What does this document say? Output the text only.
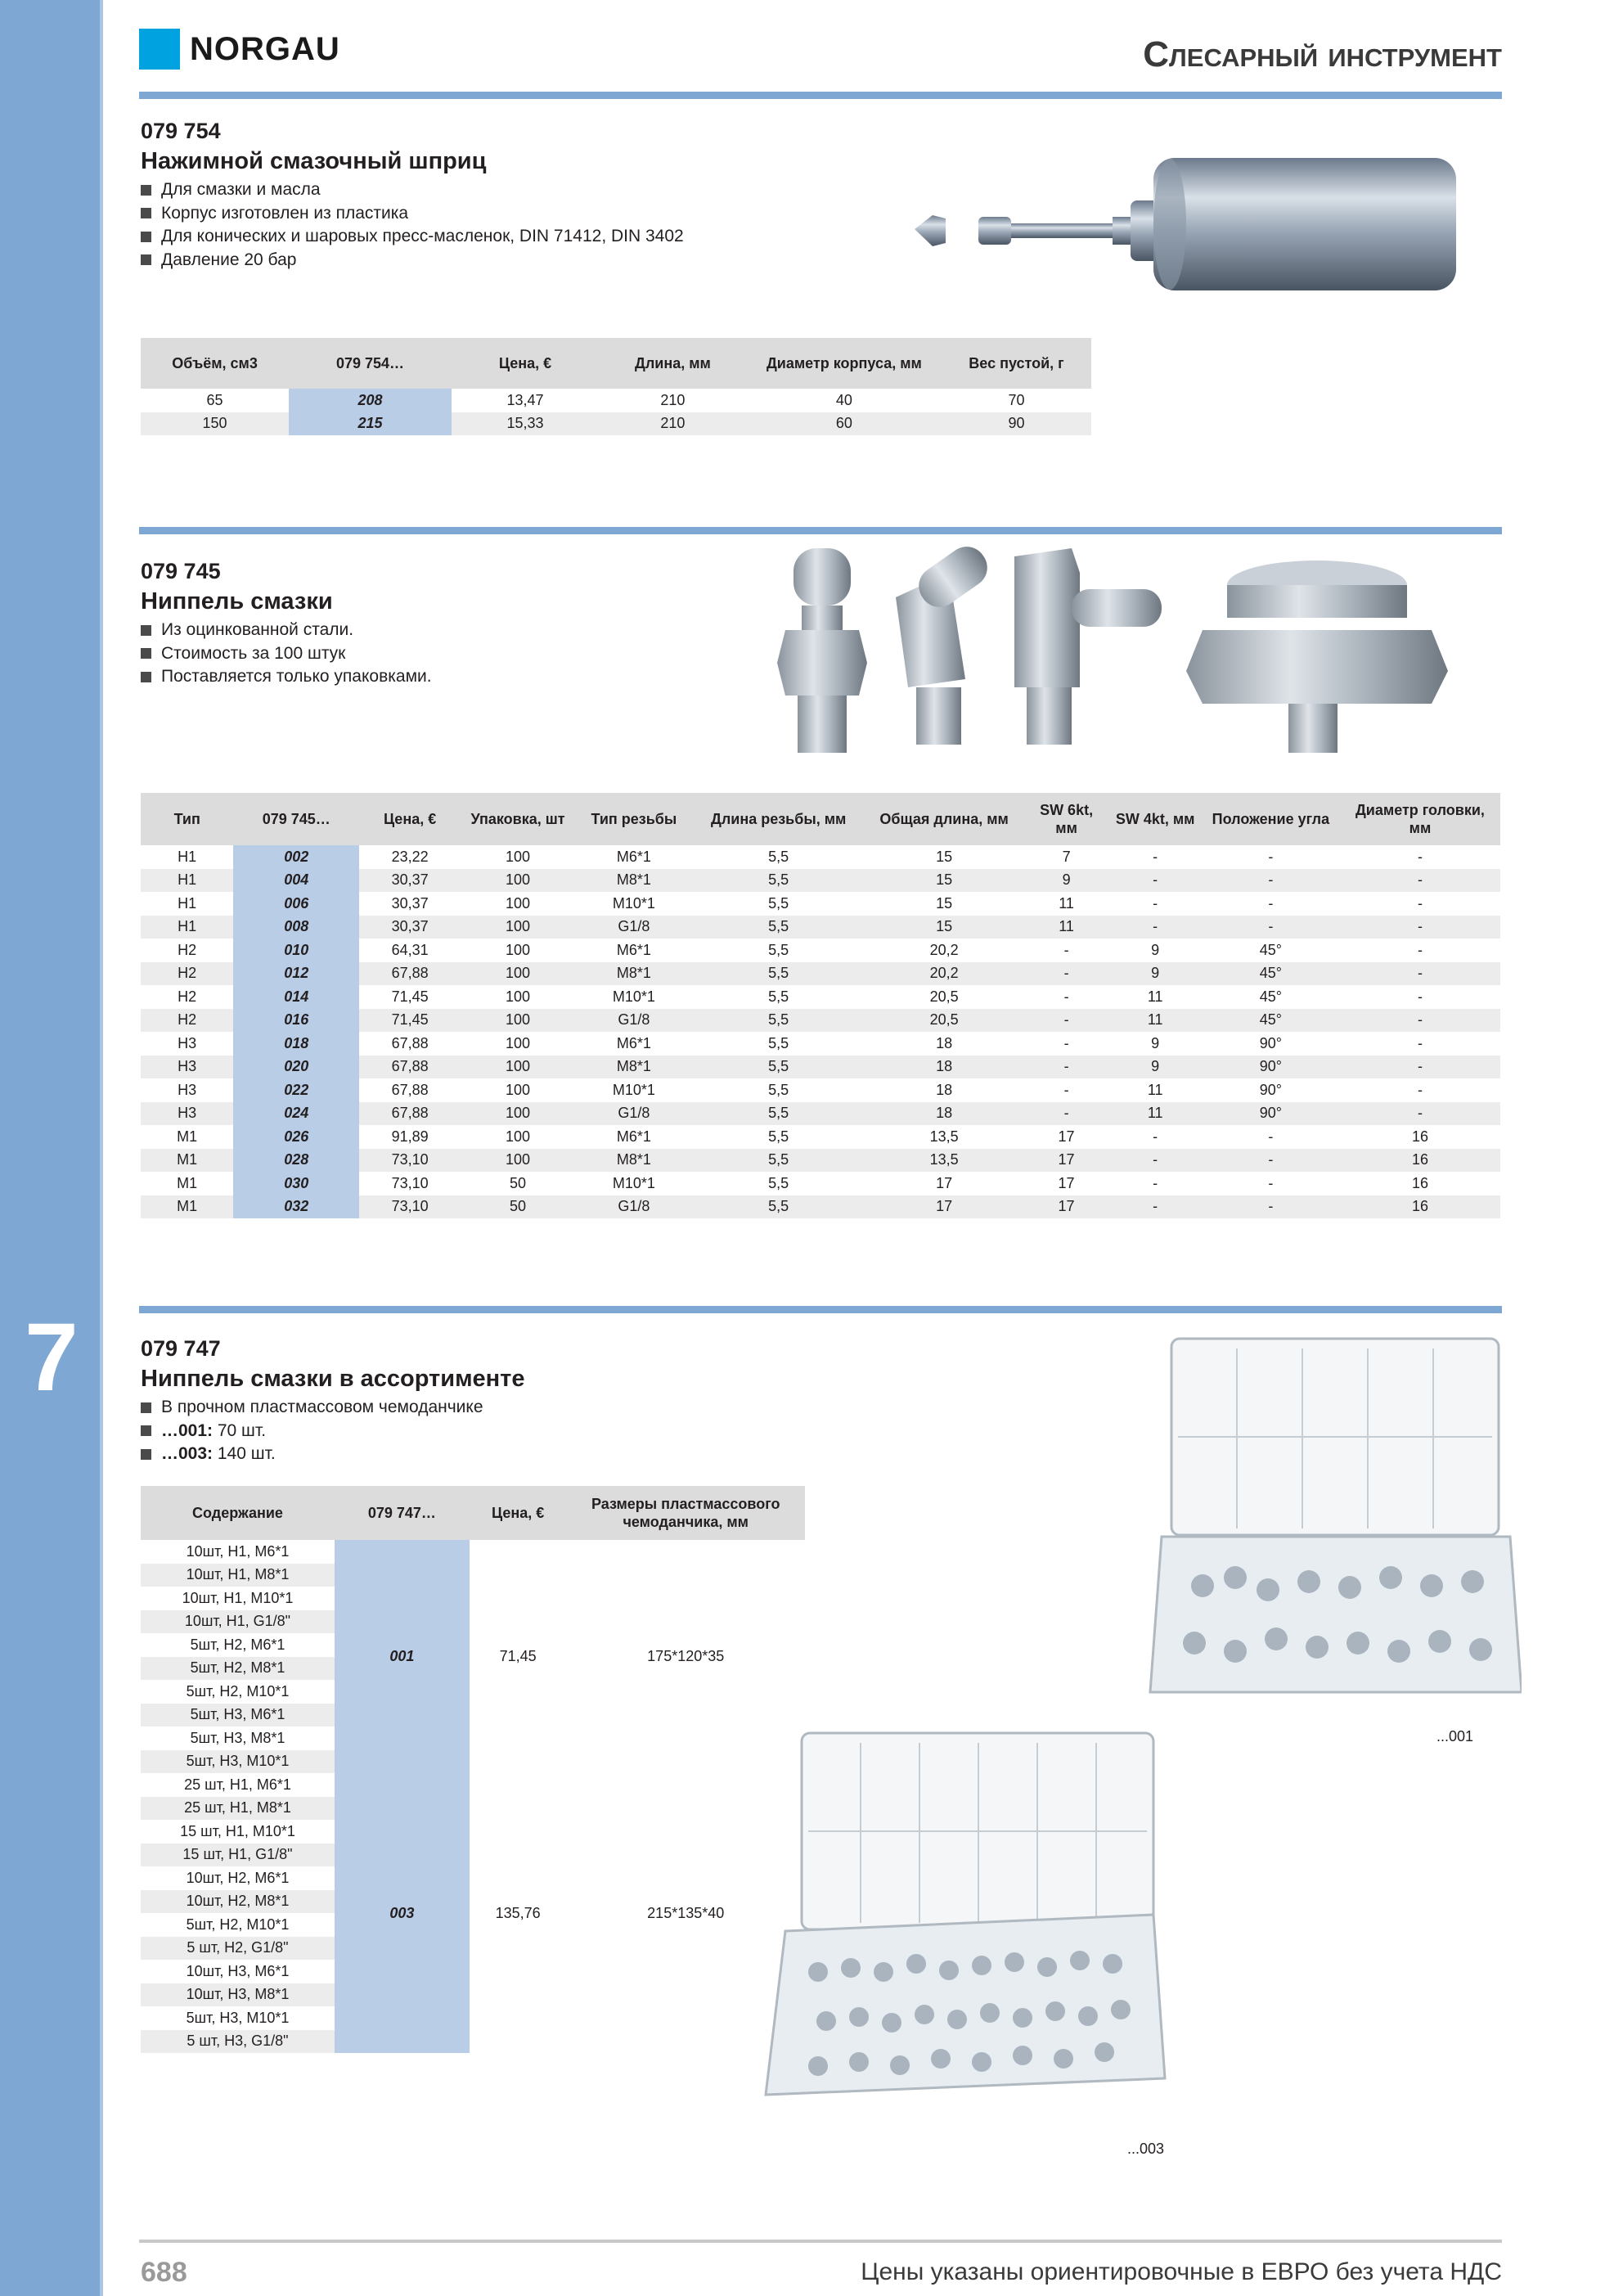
7
NORGAU	Слесарный инструмент
079 754
Нажимной смазочный шприц
Для смазки и масла
Корпус изготовлен из пластика
Для конических и шаровых пресс-масленок, DIN 71412, DIN 3402
Давление 20 бар
Объём, см3	079 754…	Цена, €	Длина, мм	Диаметр корпуса, мм	Вес пустой, г
65	208	13,47	210	40	70
150	215	15,33	210	60	90
079 745
Ниппель смазки
Из оцинкованной стали.
Стоимость за 100 штук
Поставляется только упаковками.
Тип	079 745…	Цена, €	Упаковка, шт	Тип резьбы	Длина резьбы, мм	Общая длина, мм	SW 6kt, мм	SW 4kt, мм	Положение угла	Диаметр головки, мм
H1	002	23,22	100	M6*1	5,5	15	7	-	-	-
H1	004	30,37	100	M8*1	5,5	15	9	-	-	-
H1	006	30,37	100	M10*1	5,5	15	11	-	-	-
H1	008	30,37	100	G1/8	5,5	15	11	-	-	-
H2	010	64,31	100	M6*1	5,5	20,2	-	9	45°	-
H2	012	67,88	100	M8*1	5,5	20,2	-	9	45°	-
H2	014	71,45	100	M10*1	5,5	20,5	-	11	45°	-
H2	016	71,45	100	G1/8	5,5	20,5	-	11	45°	-
H3	018	67,88	100	M6*1	5,5	18	-	9	90°	-
H3	020	67,88	100	M8*1	5,5	18	-	9	90°	-
H3	022	67,88	100	M10*1	5,5	18	-	11	90°	-
H3	024	67,88	100	G1/8	5,5	18	-	11	90°	-
M1	026	91,89	100	M6*1	5,5	13,5	17	-	-	16
M1	028	73,10	100	M8*1	5,5	13,5	17	-	-	16
M1	030	73,10	50	M10*1	5,5	17	17	-	-	16
M1	032	73,10	50	G1/8	5,5	17	17	-	-	16
079 747
Ниппель смазки в ассортименте
В прочном пластмассовом чемоданчике
…001: 70 шт.
…003: 140 шт.
Содержание	079 747…	Цена, €	Размеры пластмассового чемоданчика, мм
10шт, H1, M6*1	001	71,45	175*120*35
10шт, H1, M8*1			
10шт, H1, M10*1			
10шт, H1, G1/8"			
5шт, H2, M6*1			
5шт, H2, M8*1			
5шт, H2, M10*1			
5шт, H3, M6*1			
5шт, H3, M8*1			
5шт, H3, M10*1			
25 шт, H1, M6*1	003	135,76	215*135*40
25 шт, H1, M8*1			
15 шт, H1, M10*1			
15 шт, H1, G1/8"			
10шт, H2, M6*1			
10шт, H2, M8*1			
5шт, H2, M10*1			
5 шт, H2, G1/8"			
10шт, H3, M6*1			
10шт, H3, M8*1			
5шт, H3, M10*1			
5 шт, H3, G1/8"			
...001
...003
688	Цены указаны ориентировочные в ЕВРО без учета НДС
